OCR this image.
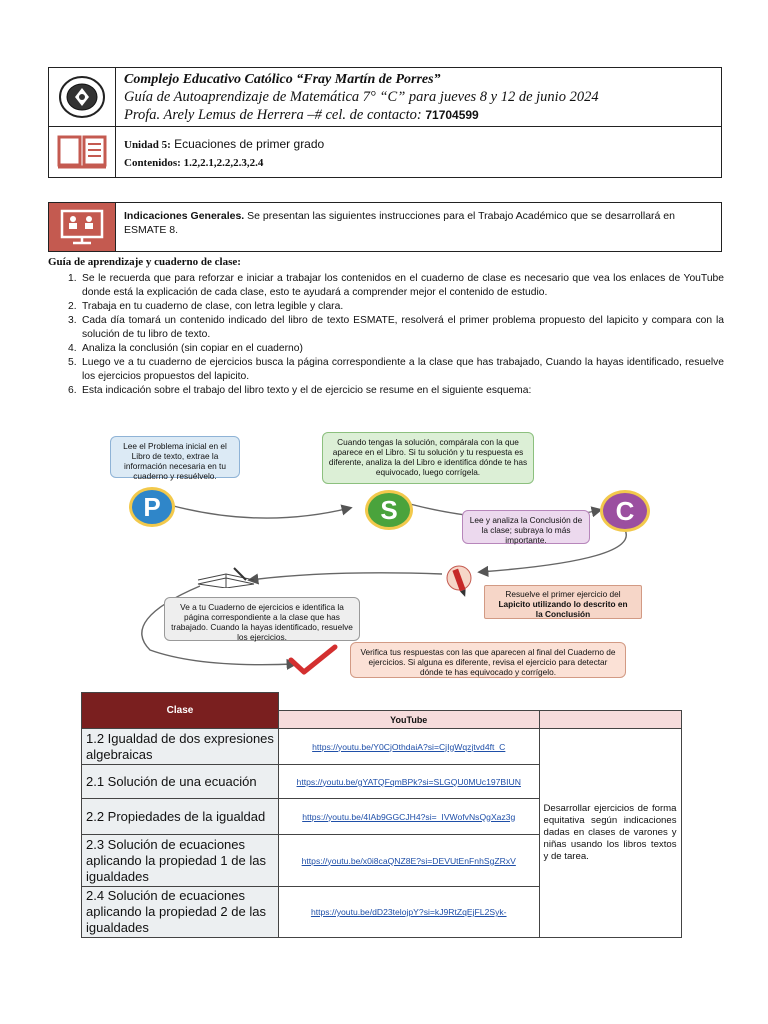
Complejo Educativo Católico “Fray Martín de Porres”
Guía de Autoaprendizaje de Matemática 7° “C” para jueves 8 y 12 de junio 2024
Profa. Arely Lemus de Herrera –# cel. de contacto: 71704599
Unidad 5: Ecuaciones de primer grado
Contenidos: 1.2,2.1,2.2,2.3,2.4
Indicaciones Generales. Se presentan las siguientes instrucciones para el Trabajo Académico que se desarrollará en ESMATE 8.
Guía de aprendizaje y cuaderno de clase:
1. Se le recuerda que para reforzar e iniciar a trabajar los contenidos en el cuaderno de clase es necesario que vea los enlaces de YouTube donde está la explicación de cada clase, esto te ayudará a comprender mejor el contenido de estudio.
2. Trabaja en tu cuaderno de clase, con letra legible y clara.
3. Cada día tomará un contenido indicado del libro de texto ESMATE, resolverá el primer problema propuesto del lapicito y compara con la solución de tu libro de texto.
4. Analiza la conclusión (sin copiar en el cuaderno)
5. Luego ve a tu cuaderno de ejercicios busca la página correspondiente a la clase que has trabajado, Cuando la hayas identificado, resuelve los ejercicios propuestos del lapicito.
6. Esta indicación sobre el trabajo del libro texto y el de ejercicio se resume en el siguiente esquema:
Lee el Problema inicial en el Libro de texto, extrae la información necesaria en tu cuaderno y resuélvelo.
P
Cuando tengas la solución, compárala con la que aparece en el Libro. Si tu solución y tu respuesta es diferente, analiza la del Libro e identifica dónde te has equivocado, luego corrígela.
S	C
Lee y analiza la Conclusión de la clase; subraya lo más importante.
Resuelve el primer ejercicio del
Lapicito utilizando lo descrito en
la Conclusión
Ve a tu Cuaderno de ejercicios e identifica la página correspondiente a la clase que has trabajado. Cuando la hayas identificado, resuelve los ejercicios.
Verifica tus respuestas con las que aparecen al final del Cuaderno de ejercicios. Si alguna es diferente, revisa el ejercicio para detectar dónde te has equivocado y corrígelo.
Clase		
	YouTube	
1.2 Igualdad de dos expresiones algebraicas	https://youtu.be/Y0CjOthdaiA?si=CjIgWqzjtvd4ft_C	Desarrollar ejercicios de forma equitativa según indicaciones dadas en clases de varones y niñas usando los libros textos y de tarea.
2.1 Solución de una ecuación	https://youtu.be/gYATQFqmBPk?si=SLGQU0MUc197BIUN	
2.2 Propiedades de la igualdad	https://youtu.be/4IAb9GGCJH4?si=_IVWofvNsQgXaz3g	
2.3 Solución de ecuaciones aplicando la propiedad 1 de las igualdades	https://youtu.be/x0i8caQNZ8E?si=DEVUtEnFnhSgZRxV	
2.4 Solución de ecuaciones aplicando la propiedad 2 de las igualdades	https://youtu.be/dD23telojpY?si=kJ9RtZqEjFL2Syk-	
